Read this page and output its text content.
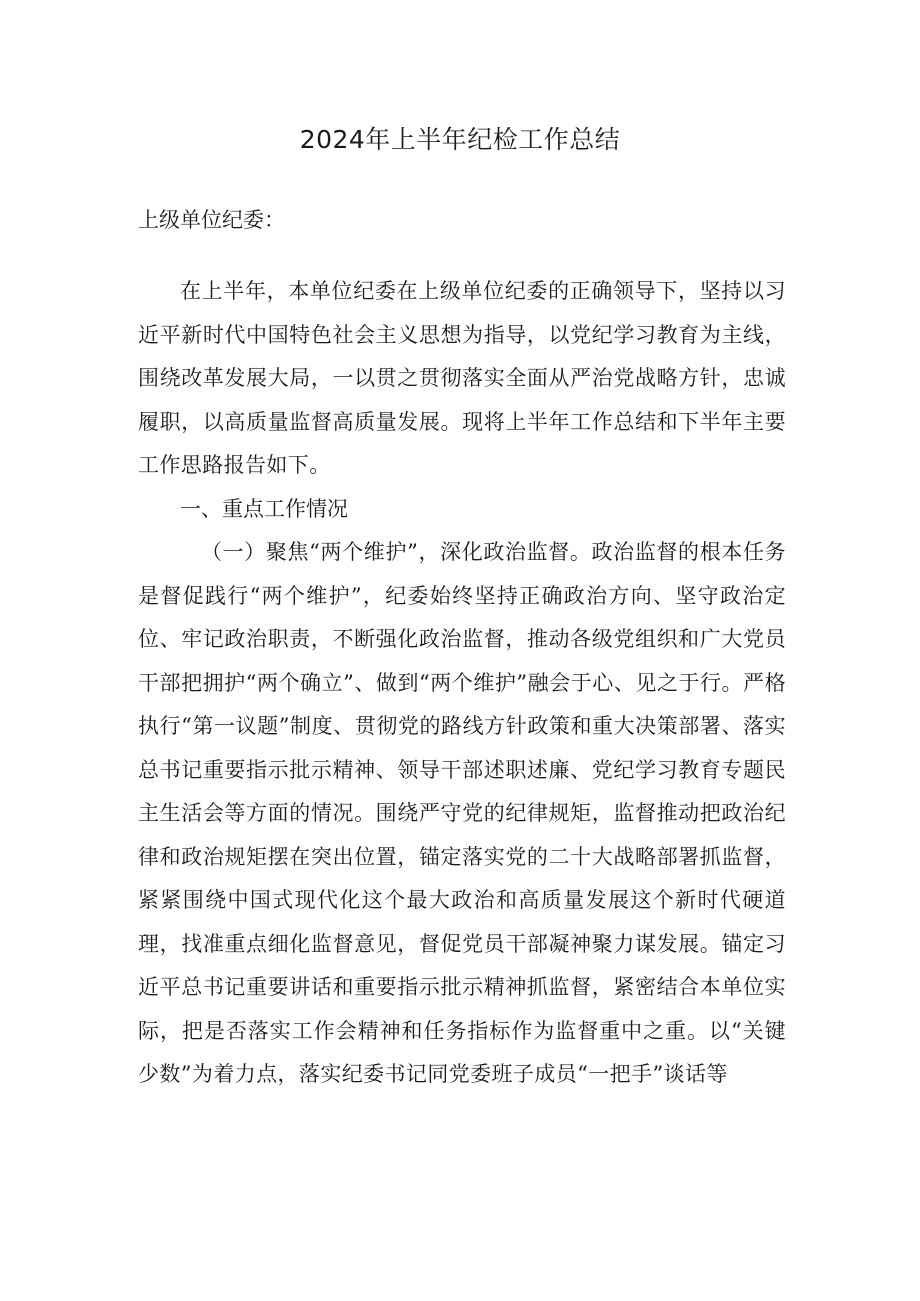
2024年上半年纪检工作总结

上级单位纪委：

在上半年，本单位纪委在上级单位纪委的正确领导下，坚持以习近平新时代中国特色社会主义思想为指导，以党纪学习教育为主线，围绕改革发展大局，一以贯之贯彻落实全面从严治党战略方针，忠诚履职，以高质量监督高质量发展。现将上半年工作总结和下半年主要工作思路报告如下。

一、重点工作情况

（一）聚焦“两个维护”，深化政治监督。政治监督的根本任务是督促践行“两个维护”，纪委始终坚持正确政治方向、坚守政治定位、牢记政治职责，不断强化政治监督，推动各级党组织和广大党员干部把拥护“两个确立”、做到“两个维护”融会于心、见之于行。严格执行“第一议题”制度、贯彻党的路线方针政策和重大决策部署、落实总书记重要指示批示精神、领导干部述职述廉、党纪学习教育专题民主生活会等方面的情况。围绕严守党的纪律规矩，监督推动把政治纪律和政治规矩摆在突出位置，锚定落实党的二十大战略部署抓监督，紧紧围绕中国式现代化这个最大政治和高质量发展这个新时代硬道理，找准重点细化监督意见，督促党员干部凝神聚力谋发展。锚定习近平总书记重要讲话和重要指示批示精神抓监督，紧密结合本单位实际，把是否落实工作会精神和任务指标作为监督重中之重。以“关键少数”为着力点，落实纪委书记同党委班子成员“一把手”谈话等
